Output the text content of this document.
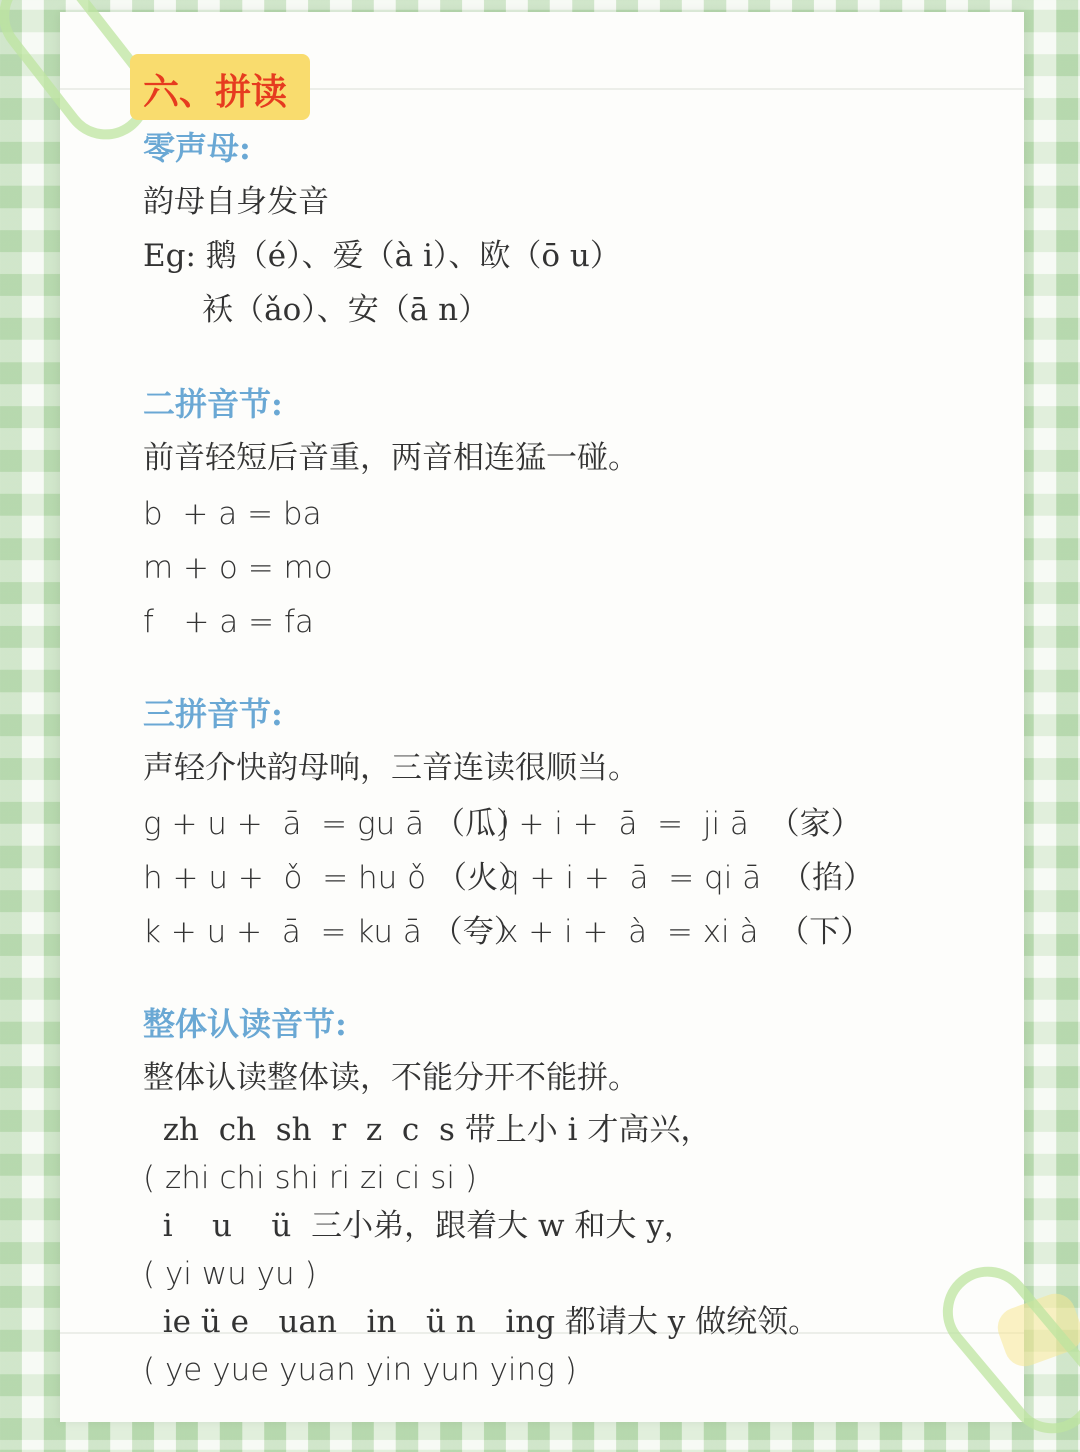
六、拼读
零声母:
韵母自身发音
Eg: 鹅（é）、爱（à i）、欧（ō u）
袄（ǎo）、安（ā n）
二拼音节:
前音轻短后音重，两音相连猛一碰。
b  + a = ba
m + o = mo
f   + a = fa
三拼音节:
声轻介快韵母响，三音连读很顺当。
g + u +  ā  = gu ā （瓜）
j + i +  ā  =  ji ā  （家）
h + u +  ǒ  = hu ǒ （火）
q + i +  ā  = qi ā  （掐）
k + u +  ā  = ku ā （夸）
x + i +  à  = xi à  （下）
整体认读音节:
整体认读整体读，不能分开不能拼。
zh  ch  sh  r  z  c  s 带上小 i 才高兴，
( zhi chi shi ri zi ci si )
i    u    ü  三小弟，跟着大 w 和大 y，
( yi wu yu )
ie ü e   uan   in   ü n   ing 都请大 y 做统领。
( ye yue yuan yin yun ying )
